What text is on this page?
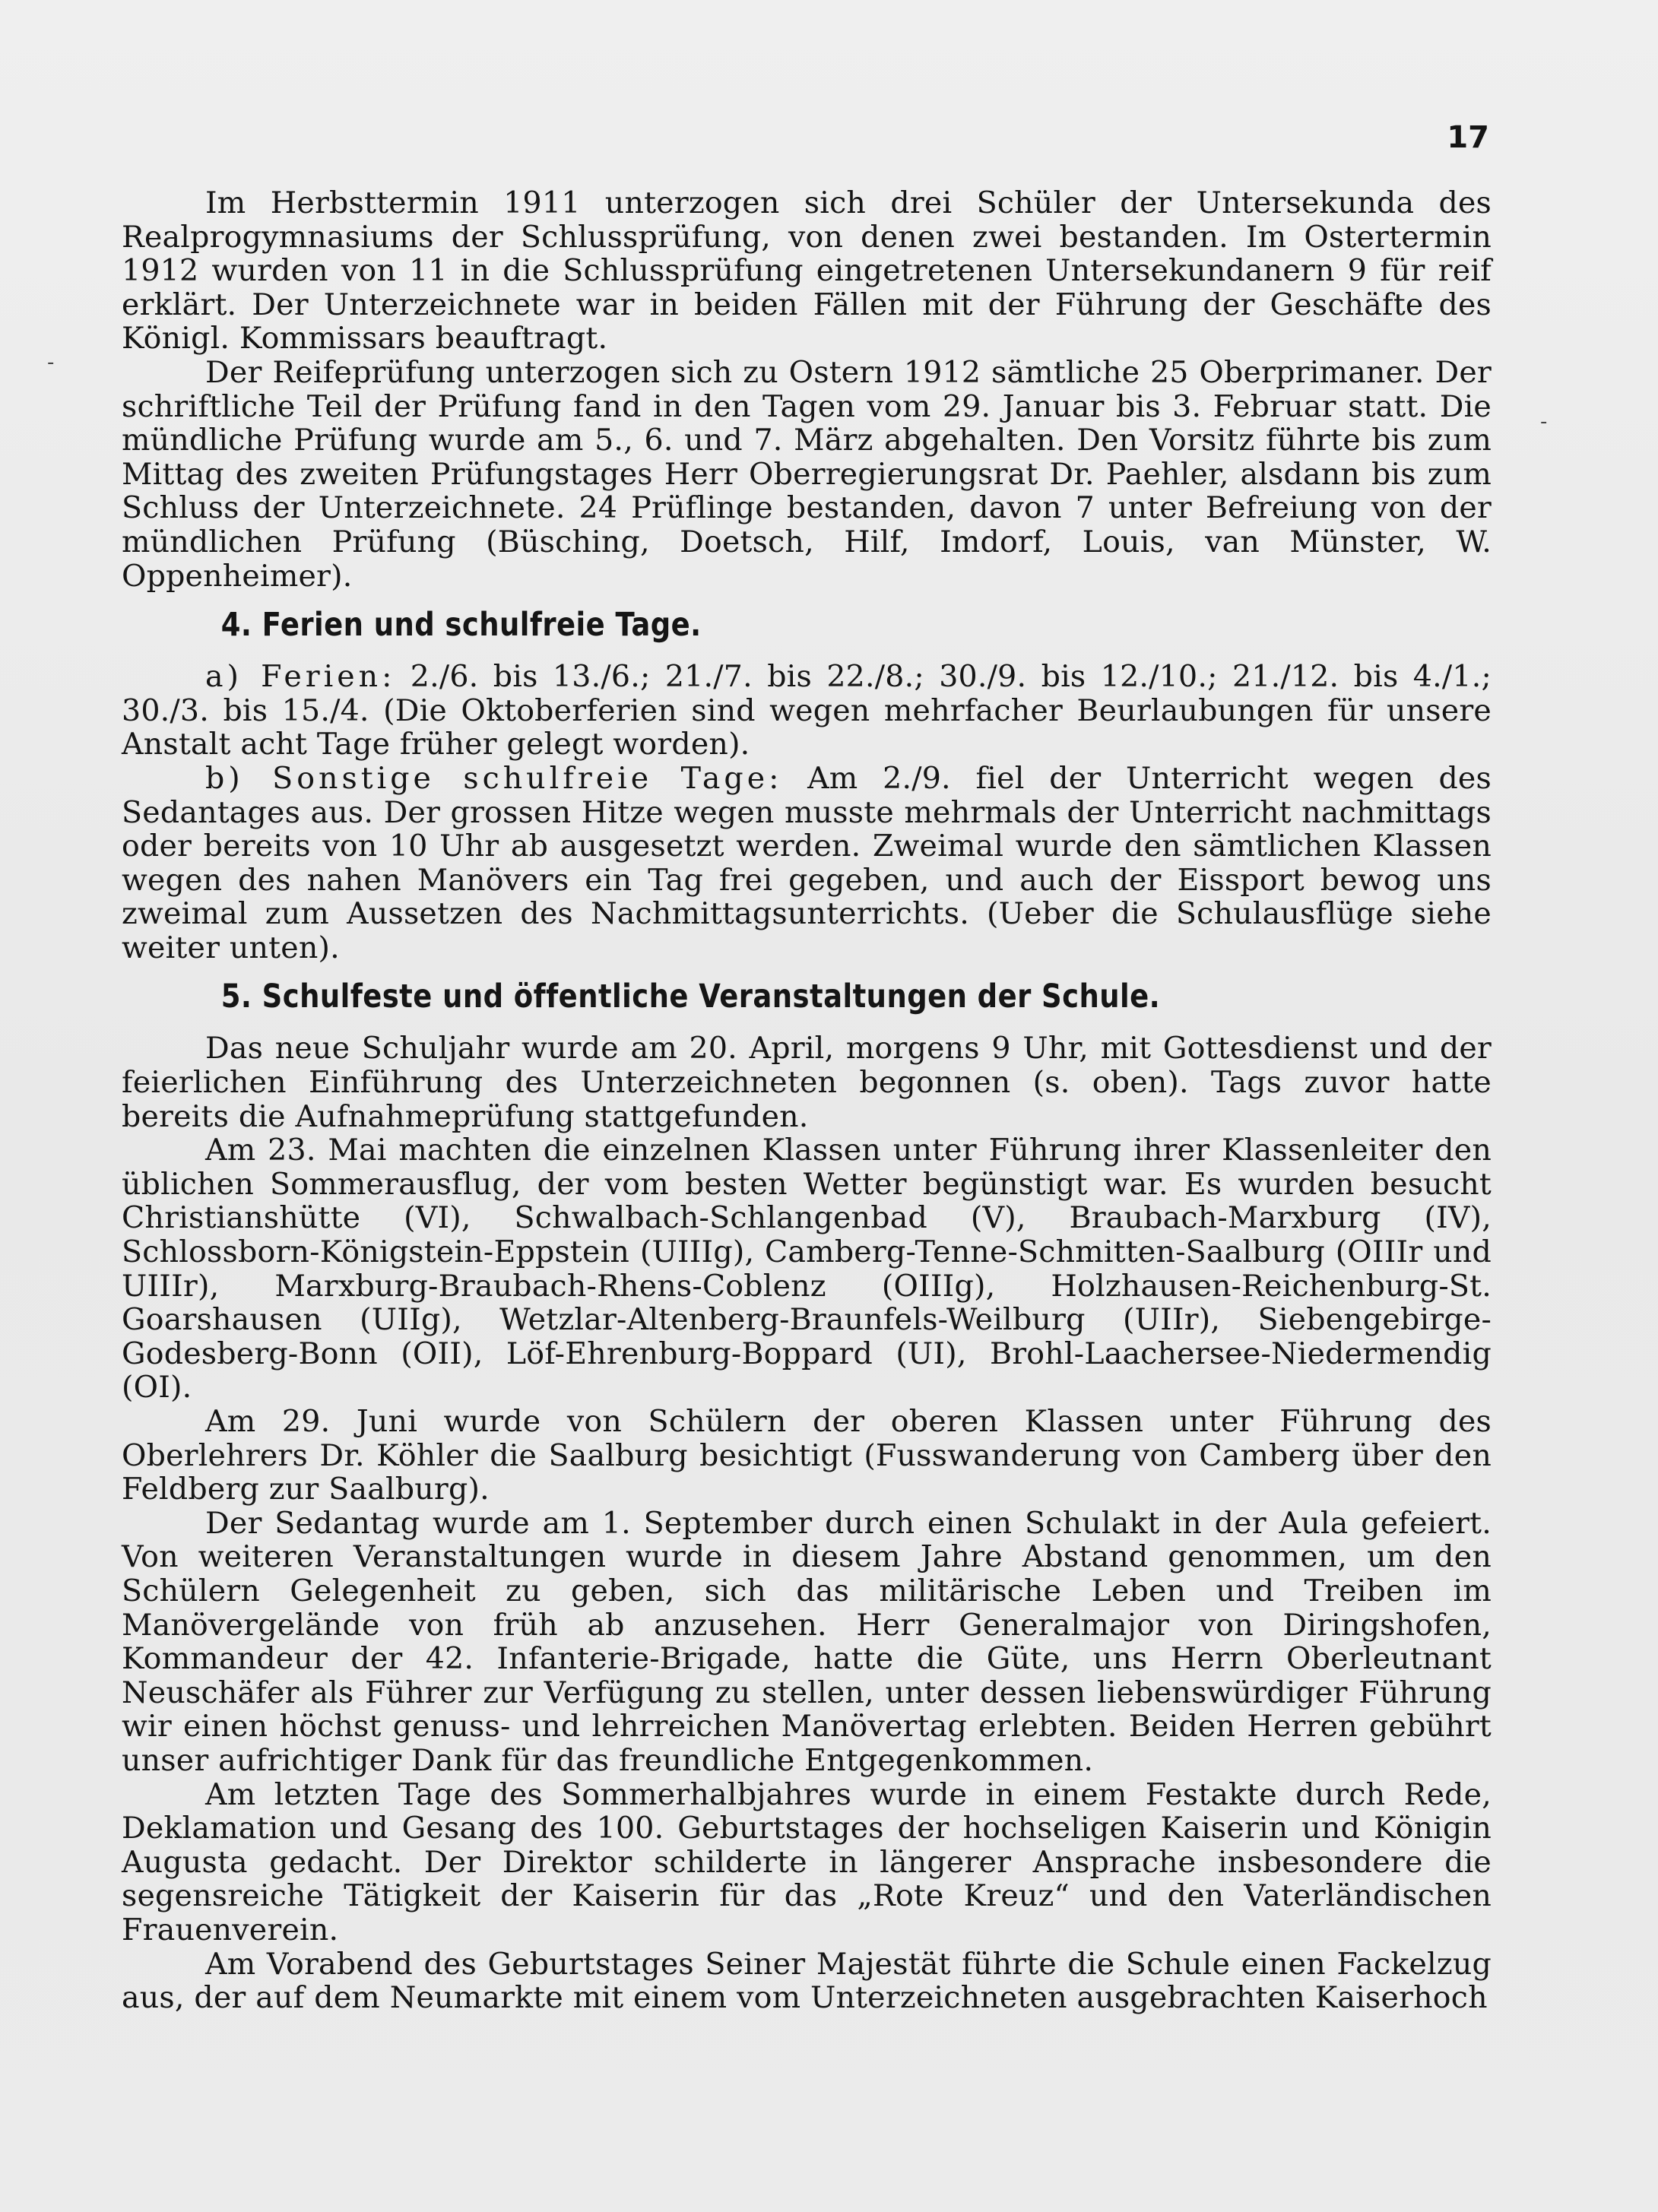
17
-
-

Im Herbsttermin 1911 unterzogen sich drei Schüler der Untersekunda des Realprogymnasiums der Schlussprüfung, von denen zwei bestanden. Im Ostertermin 1912 wurden von 11 in die Schlussprüfung eingetretenen Untersekundanern 9 für reif erklärt. Der Unterzeichnete war in beiden Fällen mit der Führung der Geschäfte des Königl. Kommissars beauftragt.

Der Reifeprüfung unterzogen sich zu Ostern 1912 sämtliche 25 Oberprimaner. Der schriftliche Teil der Prüfung fand in den Tagen vom 29. Januar bis 3. Februar statt. Die mündliche Prüfung wurde am 5., 6. und 7. März abgehalten. Den Vorsitz führte bis zum Mittag des zweiten Prüfungstages Herr Oberregierungsrat Dr. Paehler, alsdann bis zum Schluss der Unterzeichnete. 24 Prüflinge bestanden, davon 7 unter Befreiung von der mündlichen Prüfung (Büsching, Doetsch, Hilf, Imdorf, Louis, van Münster, W. Oppenheimer).

4. Ferien und schulfreie Tage.

a) Ferien: 2./6. bis 13./6.; 21./7. bis 22./8.; 30./9. bis 12./10.; 21./12. bis 4./1.; 30./3. bis 15./4. (Die Oktoberferien sind wegen mehrfacher Beurlaubungen für unsere Anstalt acht Tage früher gelegt worden).

b) Sonstige schulfreie Tage: Am 2./9. fiel der Unterricht wegen des Sedantages aus. Der grossen Hitze wegen musste mehrmals der Unterricht nachmittags oder bereits von 10 Uhr ab ausgesetzt werden. Zweimal wurde den sämtlichen Klassen wegen des nahen Manövers ein Tag frei gegeben, und auch der Eissport bewog uns zweimal zum Aussetzen des Nachmittagsunterrichts. (Ueber die Schulausflüge siehe weiter unten).

5. Schulfeste und öffentliche Veranstaltungen der Schule.

Das neue Schuljahr wurde am 20. April, morgens 9 Uhr, mit Gottesdienst und der feierlichen Einführung des Unterzeichneten begonnen (s. oben). Tags zuvor hatte bereits die Aufnahmeprüfung stattgefunden.

Am 23. Mai machten die einzelnen Klassen unter Führung ihrer Klassenleiter den üblichen Sommerausflug, der vom besten Wetter begünstigt war. Es wurden besucht Christianshütte (VI), Schwalbach-Schlangenbad (V), Braubach-Marxburg (IV), Schlossborn-Königstein-Eppstein (UIIIg), Camberg-Tenne-Schmitten-Saalburg (OIIIr und UIIIr), Marxburg-Braubach-Rhens-Coblenz (OIIIg), Holzhausen-Reichenburg-St. Goarshausen (UIIg), Wetzlar-Altenberg-Braunfels-Weilburg (UIIr), Siebengebirge-Godesberg-Bonn (OII), Löf-Ehrenburg-Boppard (UI), Brohl-Laachersee-Niedermendig (OI).

Am 29. Juni wurde von Schülern der oberen Klassen unter Führung des Oberlehrers Dr. Köhler die Saalburg besichtigt (Fusswanderung von Camberg über den Feldberg zur Saalburg).

Der Sedantag wurde am 1. September durch einen Schulakt in der Aula gefeiert. Von weiteren Veranstaltungen wurde in diesem Jahre Abstand genommen, um den Schülern Gelegenheit zu geben, sich das militärische Leben und Treiben im Manövergelände von früh ab anzusehen. Herr Generalmajor von Diringshofen, Kommandeur der 42. Infanterie-Brigade, hatte die Güte, uns Herrn Oberleutnant Neuschäfer als Führer zur Verfügung zu stellen, unter dessen liebenswürdiger Führung wir einen höchst genuss- und lehrreichen Manövertag erlebten. Beiden Herren gebührt unser aufrichtiger Dank für das freundliche Entgegenkommen.

Am letzten Tage des Sommerhalbjahres wurde in einem Festakte durch Rede, Deklamation und Gesang des 100. Geburtstages der hochseligen Kaiserin und Königin Augusta gedacht. Der Direktor schilderte in längerer Ansprache insbesondere die segensreiche Tätigkeit der Kaiserin für das „Rote Kreuz“ und den Vaterländischen Frauenverein.

Am Vorabend des Geburtstages Seiner Majestät führte die Schule einen Fackelzug aus, der auf dem Neumarkte mit einem vom Unterzeichneten ausgebrachten Kaiserhoch
